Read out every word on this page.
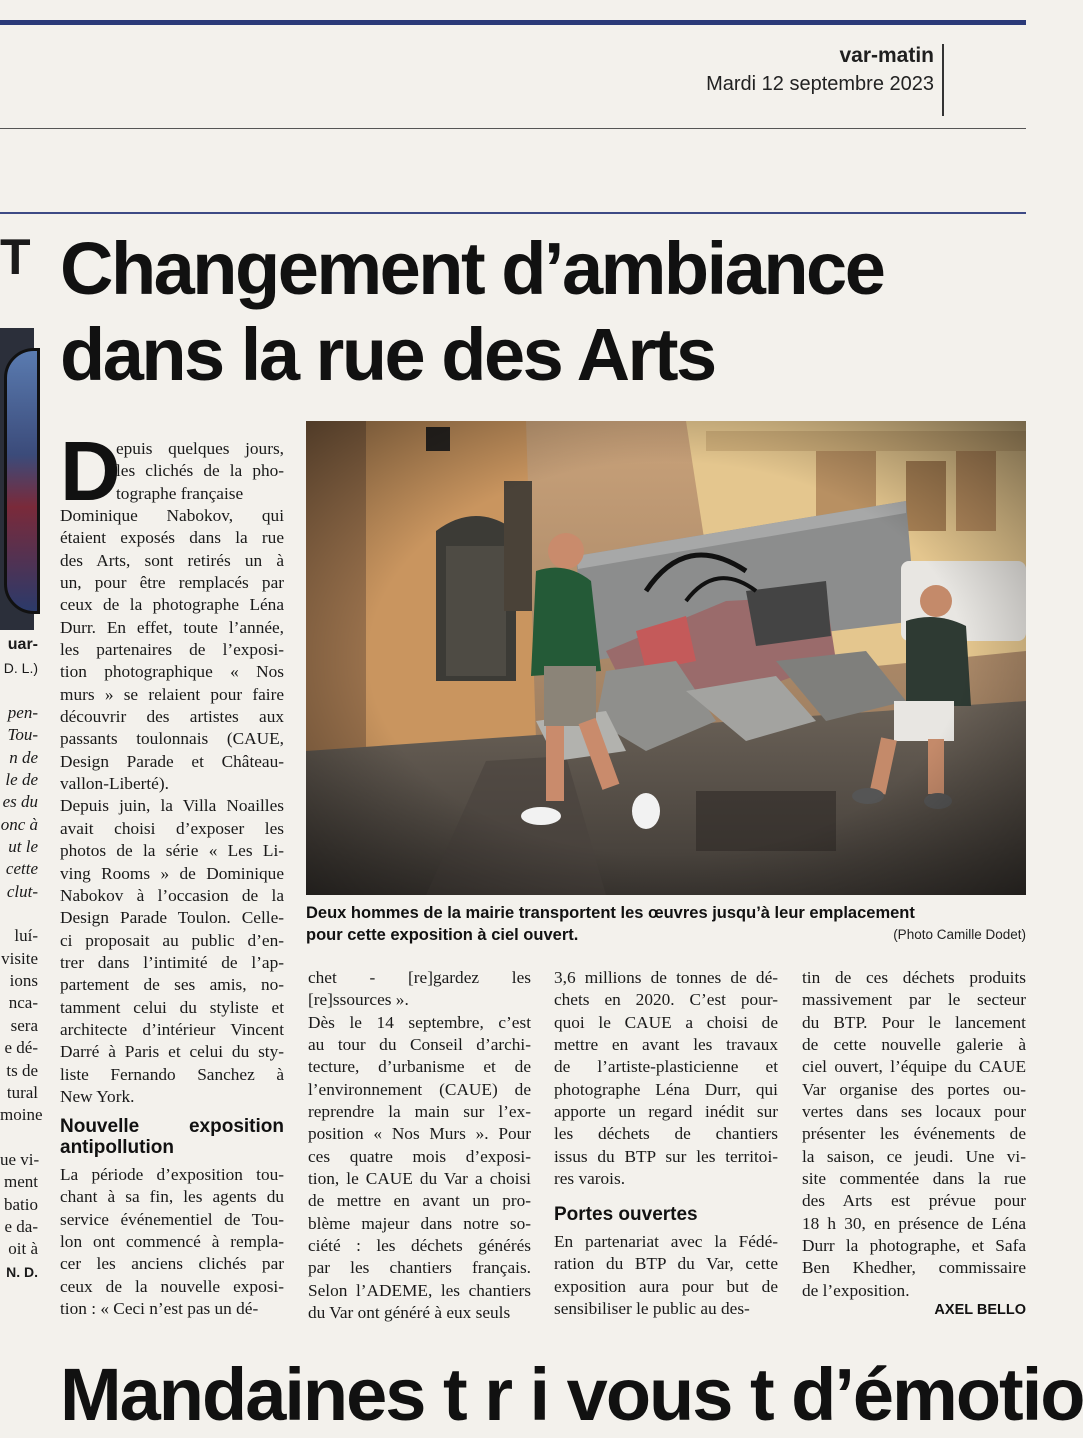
var-matin
Mardi 12 septembre 2023
T
uar-
D. L.)
pen-
Tou-
n de
le de
es du
onc à
ut le
cette
clut-
luí-
visite
ions
nca-
sera
e dé-
ts de
tural
moine
ue vi-
ment
batio
e da-
oit à
N. D.
Changement d’ambiance
dans la rue des Arts
D
epuis quelques jours,
les clichés de la pho-
tographe française
Dominique Nabokov, qui
étaient exposés dans la rue
des Arts, sont retirés un à
un, pour être remplacés par
ceux de la photographe Léna
Durr. En effet, toute l’année,
les partenaires de l’exposi-
tion photographique « Nos
murs » se relaient pour faire
découvrir des artistes aux
passants toulonnais (CAUE,
Design Parade et Château-
vallon-Liberté).
Depuis juin, la Villa Noailles
avait choisi d’exposer les
photos de la série « Les Li-
ving Rooms » de Dominique
Nabokov à l’occasion de la
Design Parade Toulon. Celle-
ci proposait au public d’en-
trer dans l’intimité de l’ap-
partement de ses amis, no-
tamment celui du styliste et
architecte d’intérieur Vincent
Darré à Paris et celui du sty-
liste Fernando Sanchez à
New York.
Nouvelle exposition antipollution
La période d’exposition tou-
chant à sa fin, les agents du
service événementiel de Tou-
lon ont commencé à rempla-
cer les anciens clichés par
ceux de la nouvelle exposi-
tion : « Ceci n’est pas un dé-
Deux hommes de la mairie transportent les œuvres jusqu’à leur emplacement
pour cette exposition à ciel ouvert.	(Photo Camille Dodet)
chet - [re]gardez les
[re]ssources ».
Dès le 14 septembre, c’est
au tour du Conseil d’archi-
tecture, d’urbanisme et de
l’environnement (CAUE) de
reprendre la main sur l’ex-
position « Nos Murs ». Pour
ces quatre mois d’exposi-
tion, le CAUE du Var a choisi
de mettre en avant un pro-
blème majeur dans notre so-
ciété : les déchets générés
par les chantiers français.
Selon l’ADEME, les chantiers
du Var ont généré à eux seuls
3,6 millions de tonnes de dé-
chets en 2020. C’est pour-
quoi le CAUE a choisi de
mettre en avant les travaux
de l’artiste-plasticienne et
photographe Léna Durr, qui
apporte un regard inédit sur
les déchets de chantiers
issus du BTP sur les territoi-
res varois.
Portes ouvertes
En partenariat avec la Fédé-
ration du BTP du Var, cette
exposition aura pour but de
sensibiliser le public au des-
tin de ces déchets produits
massivement par le secteur
du BTP. Pour le lancement
de cette nouvelle galerie à
ciel ouvert, l’équipe du CAUE
Var organise des portes ou-
vertes dans ses locaux pour
présenter les événements de
la saison, ce jeudi. Une vi-
site commentée dans la rue
des Arts est prévue pour
18 h 30, en présence de Léna
Durr la photographe, et Safa
Ben Khedher, commissaire
de l’exposition.
AXEL BELLO
Mandaines t r i vous t d’émotio
